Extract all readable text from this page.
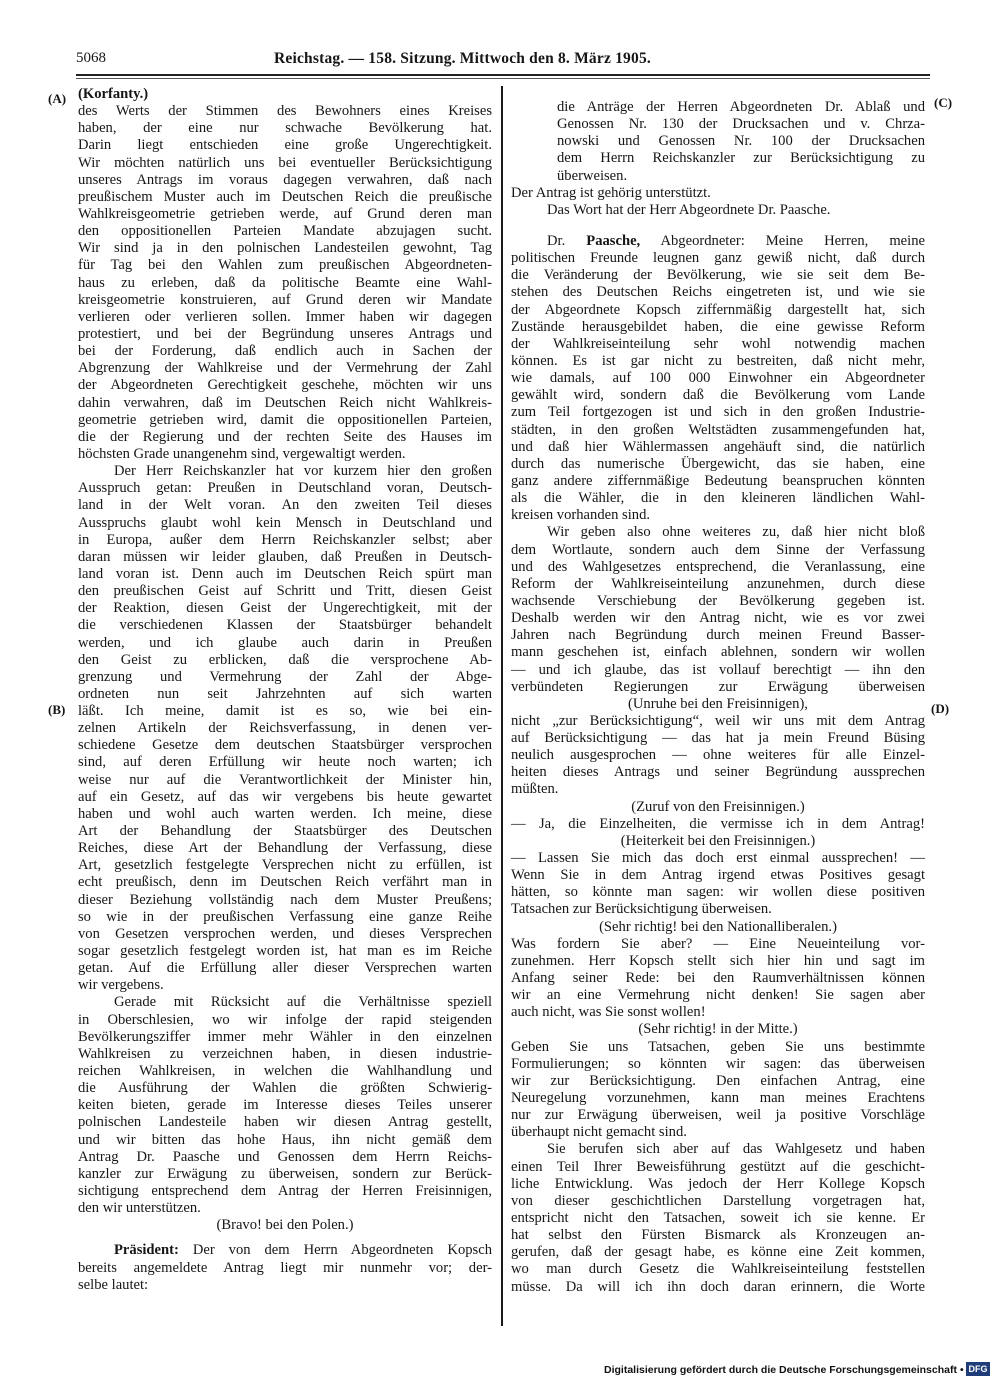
5068	Reichstag. — 158. Sitzung. Mittwoch den 8. März 1905.
(A)
(B)
(C)
(D)
(Korfanty.)
des Werts der Stimmen des Bewohners eines Kreises
haben, der eine nur schwache Bevölkerung hat.
Darin liegt entschieden eine große Ungerechtigkeit.
Wir möchten natürlich uns bei eventueller Berücksichtigung
unseres Antrags im voraus dagegen verwahren, daß nach
preußischem Muster auch im Deutschen Reich die preußische
Wahlkreisgeometrie getrieben werde, auf Grund deren man
den oppositionellen Parteien Mandate abzujagen sucht.
Wir sind ja in den polnischen Landesteilen gewohnt, Tag
für Tag bei den Wahlen zum preußischen Abgeordneten-
haus zu erleben, daß da politische Beamte eine Wahl-
kreisgeometrie konstruieren, auf Grund deren wir Mandate
verlieren oder verlieren sollen. Immer haben wir dagegen
protestiert, und bei der Begründung unseres Antrags und
bei der Forderung, daß endlich auch in Sachen der
Abgrenzung der Wahlkreise und der Vermehrung der Zahl
der Abgeordneten Gerechtigkeit geschehe, möchten wir uns
dahin verwahren, daß im Deutschen Reich nicht Wahlkreis-
geometrie getrieben wird, damit die oppositionellen Parteien,
die der Regierung und der rechten Seite des Hauses im
höchsten Grade unangenehm sind, vergewaltigt werden.
Der Herr Reichskanzler hat vor kurzem hier den großen
Ausspruch getan: Preußen in Deutschland voran, Deutsch-
land in der Welt voran. An den zweiten Teil dieses
Ausspruchs glaubt wohl kein Mensch in Deutschland und
in Europa, außer dem Herrn Reichskanzler selbst; aber
daran müssen wir leider glauben, daß Preußen in Deutsch-
land voran ist. Denn auch im Deutschen Reich spürt man
den preußischen Geist auf Schritt und Tritt, diesen Geist
der Reaktion, diesen Geist der Ungerechtigkeit, mit der
die verschiedenen Klassen der Staatsbürger behandelt
werden, und ich glaube auch darin in Preußen
den Geist zu erblicken, daß die versprochene Ab-
grenzung und Vermehrung der Zahl der Abge-
ordneten nun seit Jahrzehnten auf sich warten
läßt. Ich meine, damit ist es so, wie bei ein-
zelnen Artikeln der Reichsverfassung, in denen ver-
schiedene Gesetze dem deutschen Staatsbürger versprochen
sind, auf deren Erfüllung wir heute noch warten; ich
weise nur auf die Verantwortlichkeit der Minister hin,
auf ein Gesetz, auf das wir vergebens bis heute gewartet
haben und wohl auch warten werden. Ich meine, diese
Art der Behandlung der Staatsbürger des Deutschen
Reiches, diese Art der Behandlung der Verfassung, diese
Art, gesetzlich festgelegte Versprechen nicht zu erfüllen, ist
echt preußisch, denn im Deutschen Reich verfährt man in
dieser Beziehung vollständig nach dem Muster Preußens;
so wie in der preußischen Verfassung eine ganze Reihe
von Gesetzen versprochen werden, und dieses Versprechen
sogar gesetzlich festgelegt worden ist, hat man es im Reiche
getan. Auf die Erfüllung aller dieser Versprechen warten
wir vergebens.
Gerade mit Rücksicht auf die Verhältnisse speziell
in Oberschlesien, wo wir infolge der rapid steigenden
Bevölkerungsziffer immer mehr Wähler in den einzelnen
Wahlkreisen zu verzeichnen haben, in diesen industrie-
reichen Wahlkreisen, in welchen die Wahlhandlung und
die Ausführung der Wahlen die größten Schwierig-
keiten bieten, gerade im Interesse dieses Teiles unserer
polnischen Landesteile haben wir diesen Antrag gestellt,
und wir bitten das hohe Haus, ihn nicht gemäß dem
Antrag Dr. Paasche und Genossen dem Herrn Reichs-
kanzler zur Erwägung zu überweisen, sondern zur Berück-
sichtigung entsprechend dem Antrag der Herren Freisinnigen,
den wir unterstützen.
(Bravo! bei den Polen.)
Präsident: Der von dem Herrn Abgeordneten Kopsch
bereits angemeldete Antrag liegt mir nunmehr vor; der-
selbe lautet:
die Anträge der Herren Abgeordneten Dr. Ablaß und
Genossen Nr. 130 der Drucksachen und v. Chrza-
nowski und Genossen Nr. 100 der Drucksachen
dem Herrn Reichskanzler zur Berücksichtigung zu
überweisen.
Der Antrag ist gehörig unterstützt.
Das Wort hat der Herr Abgeordnete Dr. Paasche.
Dr. Paasche, Abgeordneter: Meine Herren, meine
politischen Freunde leugnen ganz gewiß nicht, daß durch
die Veränderung der Bevölkerung, wie sie seit dem Be-
stehen des Deutschen Reichs eingetreten ist, und wie sie
der Abgeordnete Kopsch ziffernmäßig dargestellt hat, sich
Zustände herausgebildet haben, die eine gewisse Reform
der Wahlkreiseinteilung sehr wohl notwendig machen
können. Es ist gar nicht zu bestreiten, daß nicht mehr,
wie damals, auf 100 000 Einwohner ein Abgeordneter
gewählt wird, sondern daß die Bevölkerung vom Lande
zum Teil fortgezogen ist und sich in den großen Industrie-
städten, in den großen Weltstädten zusammengefunden hat,
und daß hier Wählermassen angehäuft sind, die natürlich
durch das numerische Übergewicht, das sie haben, eine
ganz andere ziffernmäßige Bedeutung beanspruchen könnten
als die Wähler, die in den kleineren ländlichen Wahl-
kreisen vorhanden sind.
Wir geben also ohne weiteres zu, daß hier nicht bloß
dem Wortlaute, sondern auch dem Sinne der Verfassung
und des Wahlgesetzes entsprechend, die Veranlassung, eine
Reform der Wahlkreiseinteilung anzunehmen, durch diese
wachsende Verschiebung der Bevölkerung gegeben ist.
Deshalb werden wir den Antrag nicht, wie es vor zwei
Jahren nach Begründung durch meinen Freund Basser-
mann geschehen ist, einfach ablehnen, sondern wir wollen
— und ich glaube, das ist vollauf berechtigt — ihn den
verbündeten Regierungen zur Erwägung überweisen
(Unruhe bei den Freisinnigen),
nicht „zur Berücksichtigung“, weil wir uns mit dem Antrag
auf Berücksichtigung — das hat ja mein Freund Büsing
neulich ausgesprochen — ohne weiteres für alle Einzel-
heiten dieses Antrags und seiner Begründung aussprechen
müßten.
(Zuruf von den Freisinnigen.)
— Ja, die Einzelheiten, die vermisse ich in dem Antrag!
(Heiterkeit bei den Freisinnigen.)
— Lassen Sie mich das doch erst einmal aussprechen! —
Wenn Sie in dem Antrag irgend etwas Positives gesagt
hätten, so könnte man sagen: wir wollen diese positiven
Tatsachen zur Berücksichtigung überweisen.
(Sehr richtig! bei den Nationalliberalen.)
Was fordern Sie aber? — Eine Neueinteilung vor-
zunehmen. Herr Kopsch stellt sich hier hin und sagt im
Anfang seiner Rede: bei den Raumverhältnissen können
wir an eine Vermehrung nicht denken! Sie sagen aber
auch nicht, was Sie sonst wollen!
(Sehr richtig! in der Mitte.)
Geben Sie uns Tatsachen, geben Sie uns bestimmte
Formulierungen; so könnten wir sagen: das überweisen
wir zur Berücksichtigung. Den einfachen Antrag, eine
Neuregelung vorzunehmen, kann man meines Erachtens
nur zur Erwägung überweisen, weil ja positive Vorschläge
überhaupt nicht gemacht sind.
Sie berufen sich aber auf das Wahlgesetz und haben
einen Teil Ihrer Beweisführung gestützt auf die geschicht-
liche Entwicklung. Was jedoch der Herr Kollege Kopsch
von dieser geschichtlichen Darstellung vorgetragen hat,
entspricht nicht den Tatsachen, soweit ich sie kenne. Er
hat selbst den Fürsten Bismarck als Kronzeugen an-
gerufen, daß der gesagt habe, es könne eine Zeit kommen,
wo man durch Gesetz die Wahlkreiseinteilung feststellen
müsse. Da will ich ihn doch daran erinnern, die Worte
Digitalisierung gefördert durch die Deutsche Forschungsgemeinschaft • DFG
